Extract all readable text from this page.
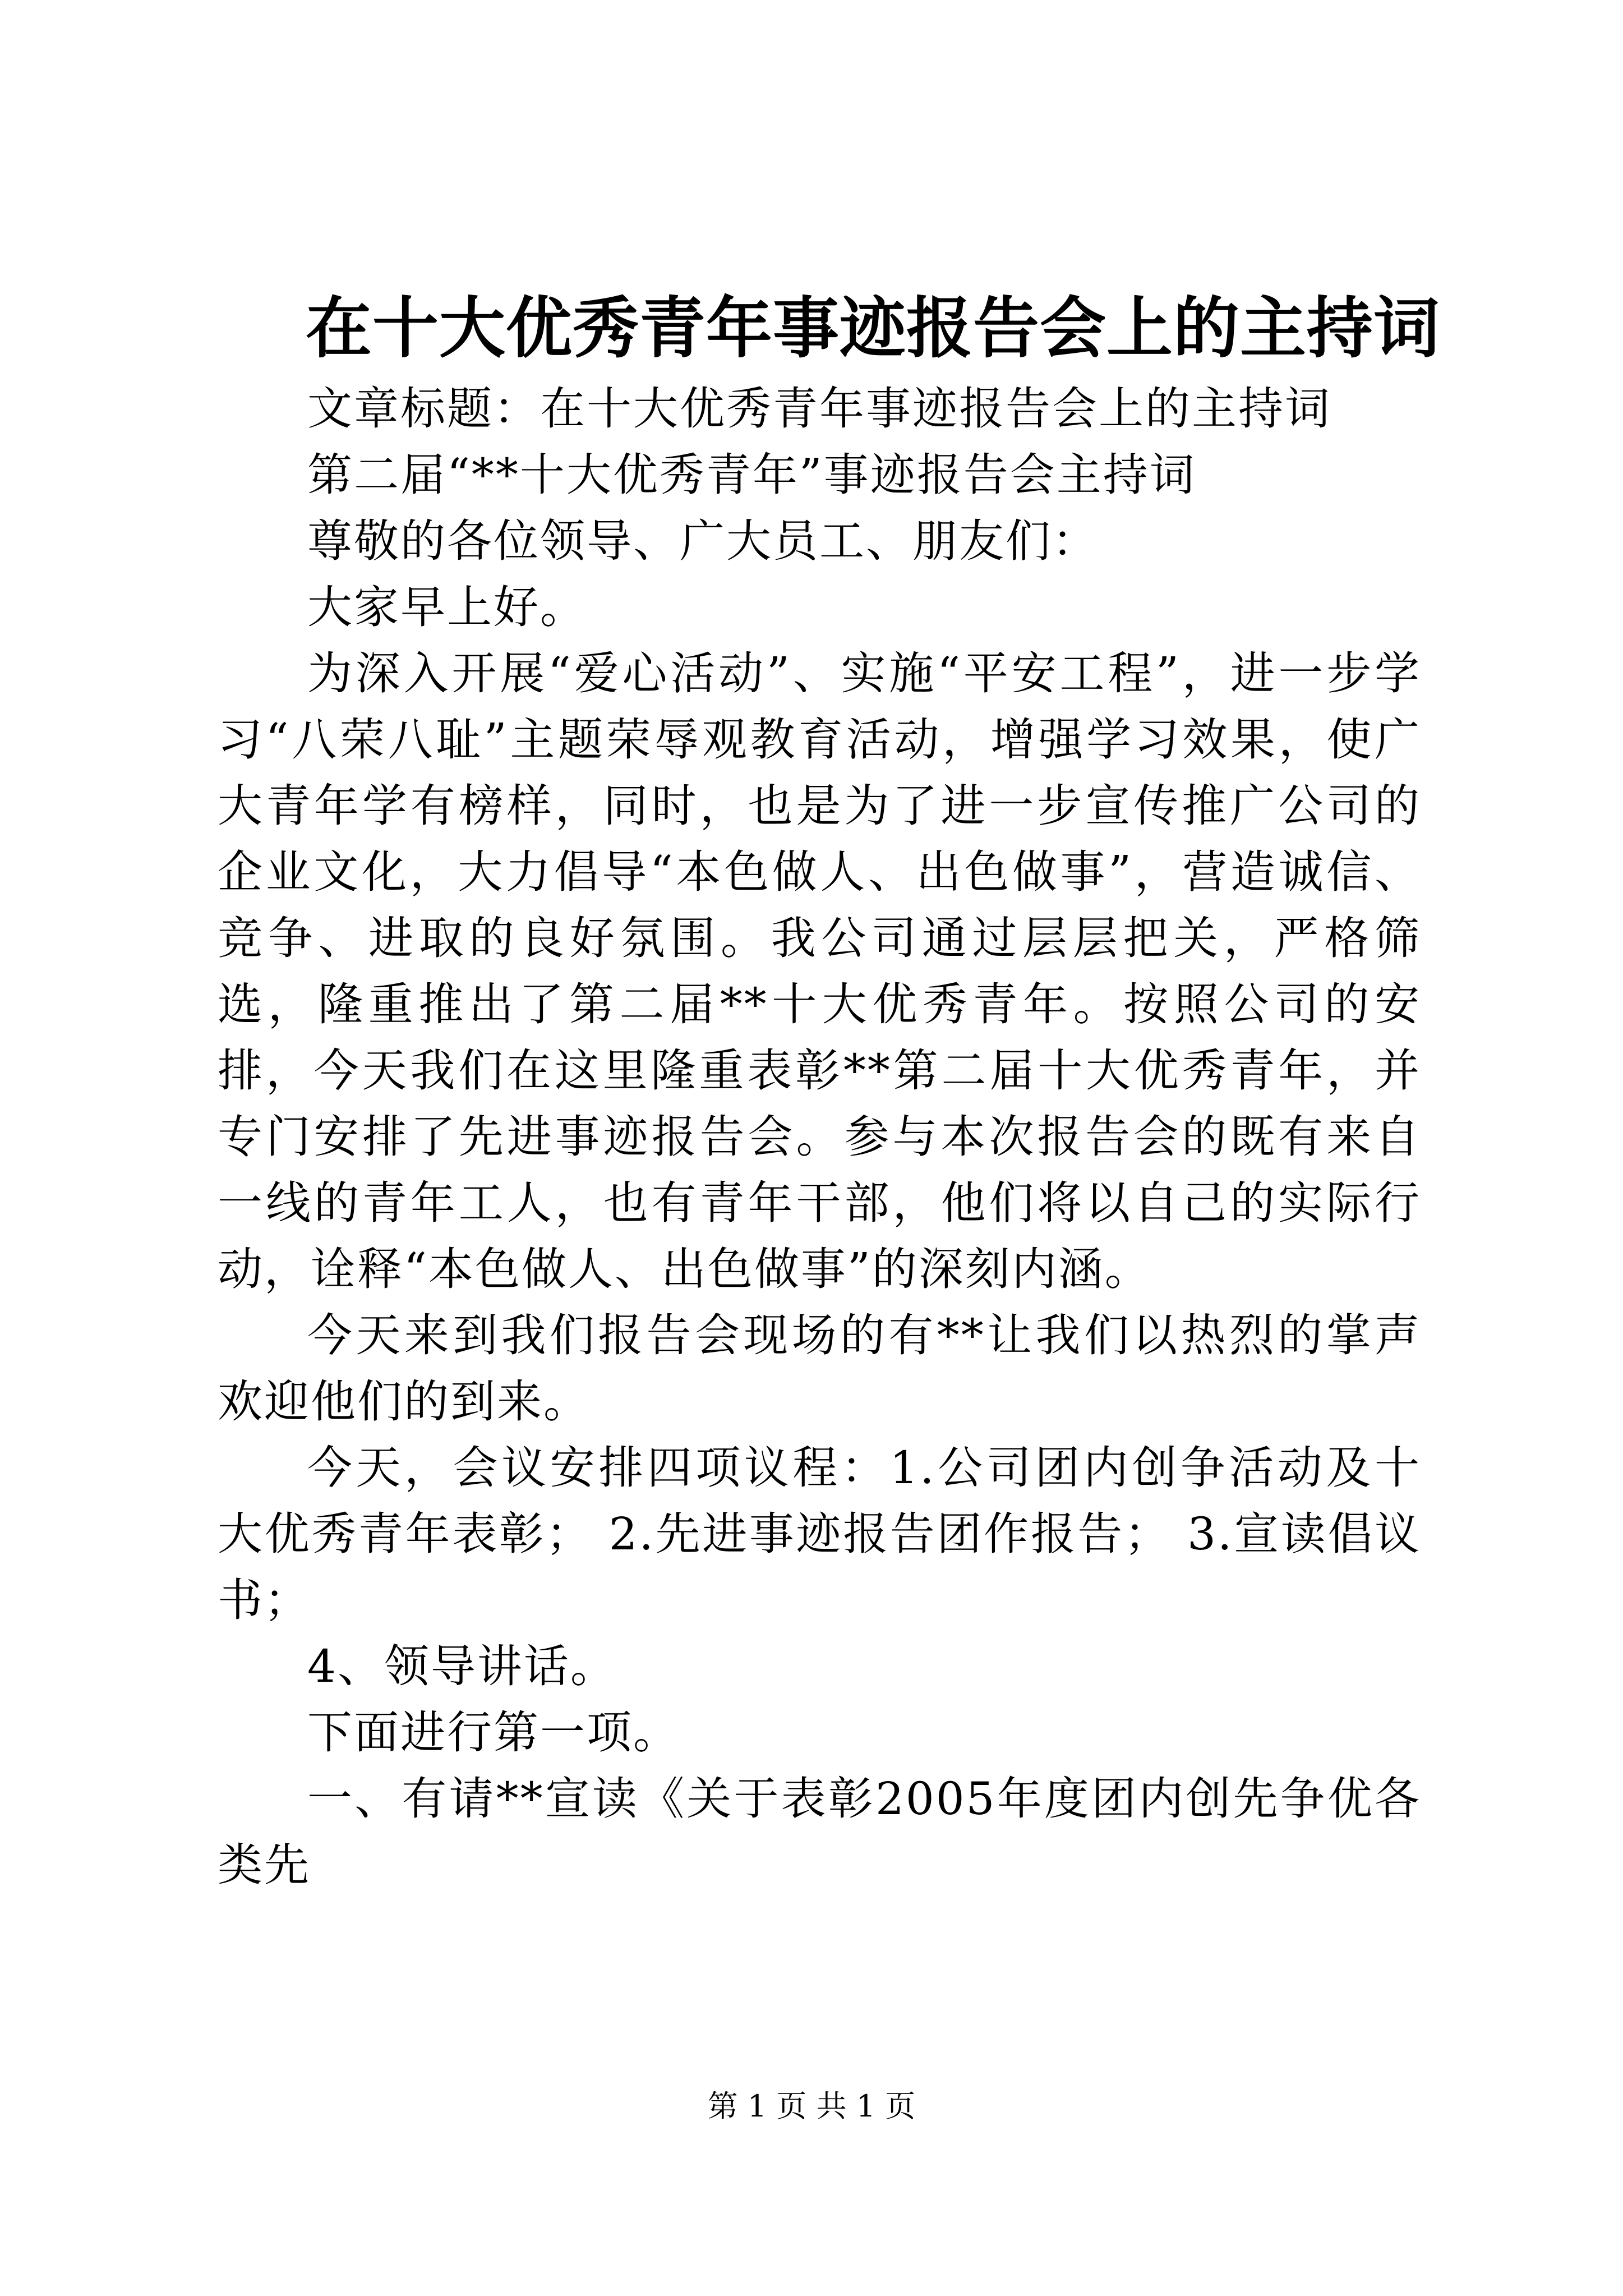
在十大优秀青年事迹报告会上的主持词

文章标题：在十大优秀青年事迹报告会上的主持词

第二届“**十大优秀青年”事迹报告会主持词

尊敬的各位领导、广大员工、朋友们：

大家早上好。

为深入开展“爱心活动”、实施“平安工程”，进一步学习“八荣八耻”主题荣辱观教育活动，增强学习效果，使广大青年学有榜样，同时，也是为了进一步宣传推广公司的企业文化，大力倡导“本色做人、出色做事”，营造诚信、竞争、进取的良好氛围。我公司通过层层把关，严格筛选，隆重推出了第二届**十大优秀青年。按照公司的安排，今天我们在这里隆重表彰**第二届十大优秀青年，并专门安排了先进事迹报告会。参与本次报告会的既有来自一线的青年工人，也有青年干部，他们将以自己的实际行动，诠释“本色做人、出色做事”的深刻内涵。

今天来到我们报告会现场的有**让我们以热烈的掌声欢迎他们的到来。

今天，会议安排四项议程：1.公司团内创争活动及十大优秀青年表彰； 2.先进事迹报告团作报告； 3.宣读倡议书；

4、领导讲话。

下面进行第一项。

一、有请**宣读《关于表彰2005年度团内创先争优各类先

第 1 页 共 1 页
